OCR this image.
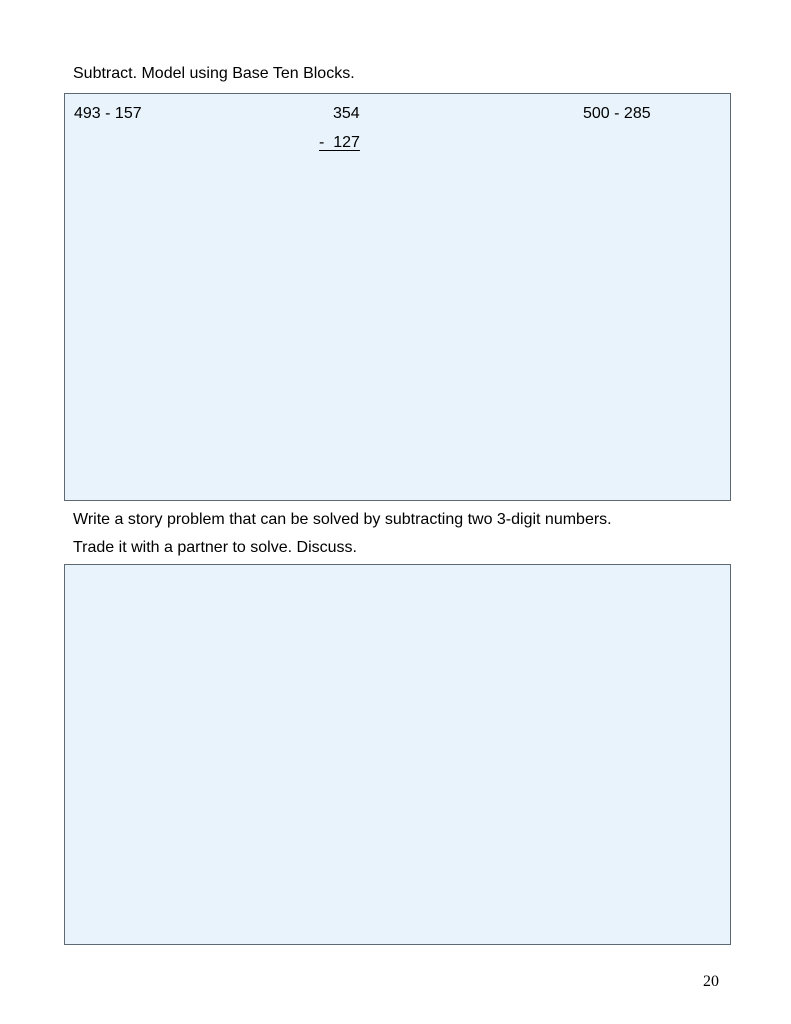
Subtract. Model using Base Ten Blocks.
493 - 157	354
-  127
500 - 285
Write a story problem that can be solved by subtracting two 3-digit numbers.
Trade it with a partner to solve. Discuss.
20
